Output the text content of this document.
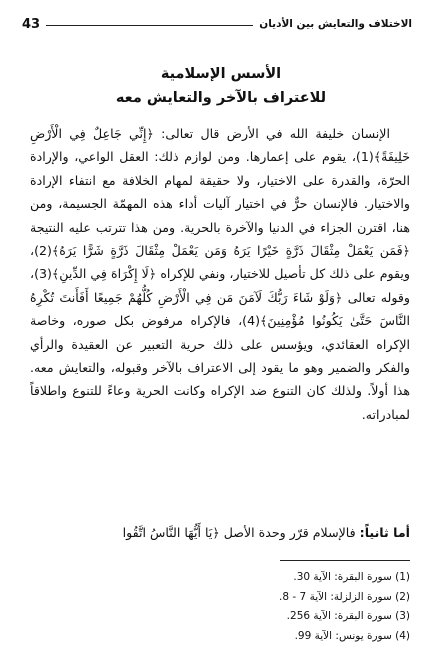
43	الاختلاف والتعايش بين الأديان
الأسس الإسلامية
للاعتراف بالآخر والتعايش معه
الإنسان خليفة الله في الأرض قال تعالى: ﴿إِنِّي جَاعِلٌ فِي الْأَرْضِ خَلِيفَةً﴾(1)، يقوم على إعمارها. ومن لوازم ذلك: العقل الواعي، والإرادة الحرّة، والقدرة على الاختيار، ولا حقيقة لمهام الخلافة مع انتفاء الإرادة والاختيار. فالإنسان حرٌّ في اختيار آليات أداء هذه المهمّة الجسيمة، ومن هنا، اقترن الجزاء في الدنيا والآخرة بالحرية. ومن هذا تترتب عليه النتيجة ﴿فَمَن يَعْمَلْ مِثْقَالَ ذَرَّةٍ خَيْرًا يَرَهُ وَمَن يَعْمَلْ مِثْقَالَ ذَرَّةٍ شَرًّا يَرَهُ﴾(2)، ويقوم على ذلك كل تأصيل للاختيار، ونفي للإكراه ﴿لَا إِكْرَاهَ فِي الدِّينِ﴾(3)، وقوله تعالى ﴿وَلَوْ شَاءَ رَبُّكَ لَآمَنَ مَن فِي الْأَرْضِ كُلُّهُمْ جَمِيعًا أَفَأَنتَ تُكْرِهُ النَّاسَ حَتَّىٰ يَكُونُوا مُؤْمِنِينَ﴾(4)، فالإكراه مرفوض بكل صوره، وخاصة الإكراه العقائدي، ويؤسس على ذلك حرية التعبير عن العقيدة والرأي والفكر والضمير وهو ما يقود إلى الاعتراف بالآخر وقبوله، والتعايش معه. هذا أولاً. ولذلك كان التنوع ضد الإكراه وكانت الحرية وعاءً للتنوع واطلاقاً لمبادراته.
أما ثانياً: فالإسلام قرّر وحدة الأصل ﴿يَا أَيُّهَا النَّاسُ اتَّقُوا
(1) سورة البقرة: الآية 30.
(2) سورة الزلزلة: الآية 7 - 8.
(3) سورة البقرة: الآية 256.
(4) سورة يونس: الآية 99.
